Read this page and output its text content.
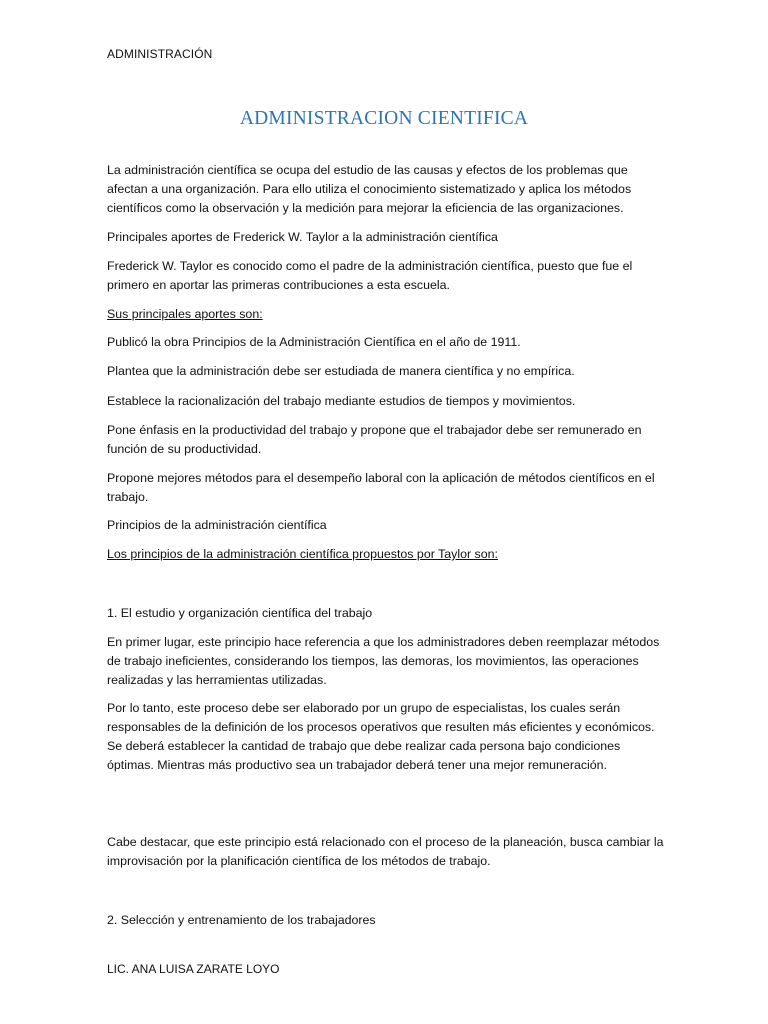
ADMINISTRACIÓN
ADMINISTRACION CIENTIFICA

La administración científica se ocupa del estudio de las causas y efectos de los problemas que afectan a una organización. Para ello utiliza el conocimiento sistematizado y aplica los métodos científicos como la observación y la medición para mejorar la eficiencia de las organizaciones.

Principales aportes de Frederick W. Taylor a la administración científica

Frederick W. Taylor es conocido como el padre de la administración científica, puesto que fue el primero en aportar las primeras contribuciones a esta escuela.

Sus principales aportes son:

Publicó la obra Principios de la Administración Científica en el año de 1911.

Plantea que la administración debe ser estudiada de manera científica y no empírica.

Establece la racionalización del trabajo mediante estudios de tiempos y movimientos.

Pone énfasis en la productividad del trabajo y propone que el trabajador debe ser remunerado en función de su productividad.

Propone mejores métodos para el desempeño laboral con la aplicación de métodos científicos en el trabajo.

Principios de la administración científica

Los principios de la administración científica propuestos por Taylor son:

1. El estudio y organización científica del trabajo

En primer lugar, este principio hace referencia a que los administradores deben reemplazar métodos de trabajo ineficientes, considerando los tiempos, las demoras, los movimientos, las operaciones realizadas y las herramientas utilizadas.

Por lo tanto, este proceso debe ser elaborado por un grupo de especialistas, los cuales serán responsables de la definición de los procesos operativos que resulten más eficientes y económicos. Se deberá establecer la cantidad de trabajo que debe realizar cada persona bajo condiciones óptimas. Mientras más productivo sea un trabajador deberá tener una mejor remuneración.

Cabe destacar, que este principio está relacionado con el proceso de la planeación, busca cambiar la improvisación por la planificación científica de los métodos de trabajo.

2. Selección y entrenamiento de los trabajadores

LIC. ANA LUISA ZARATE LOYO
